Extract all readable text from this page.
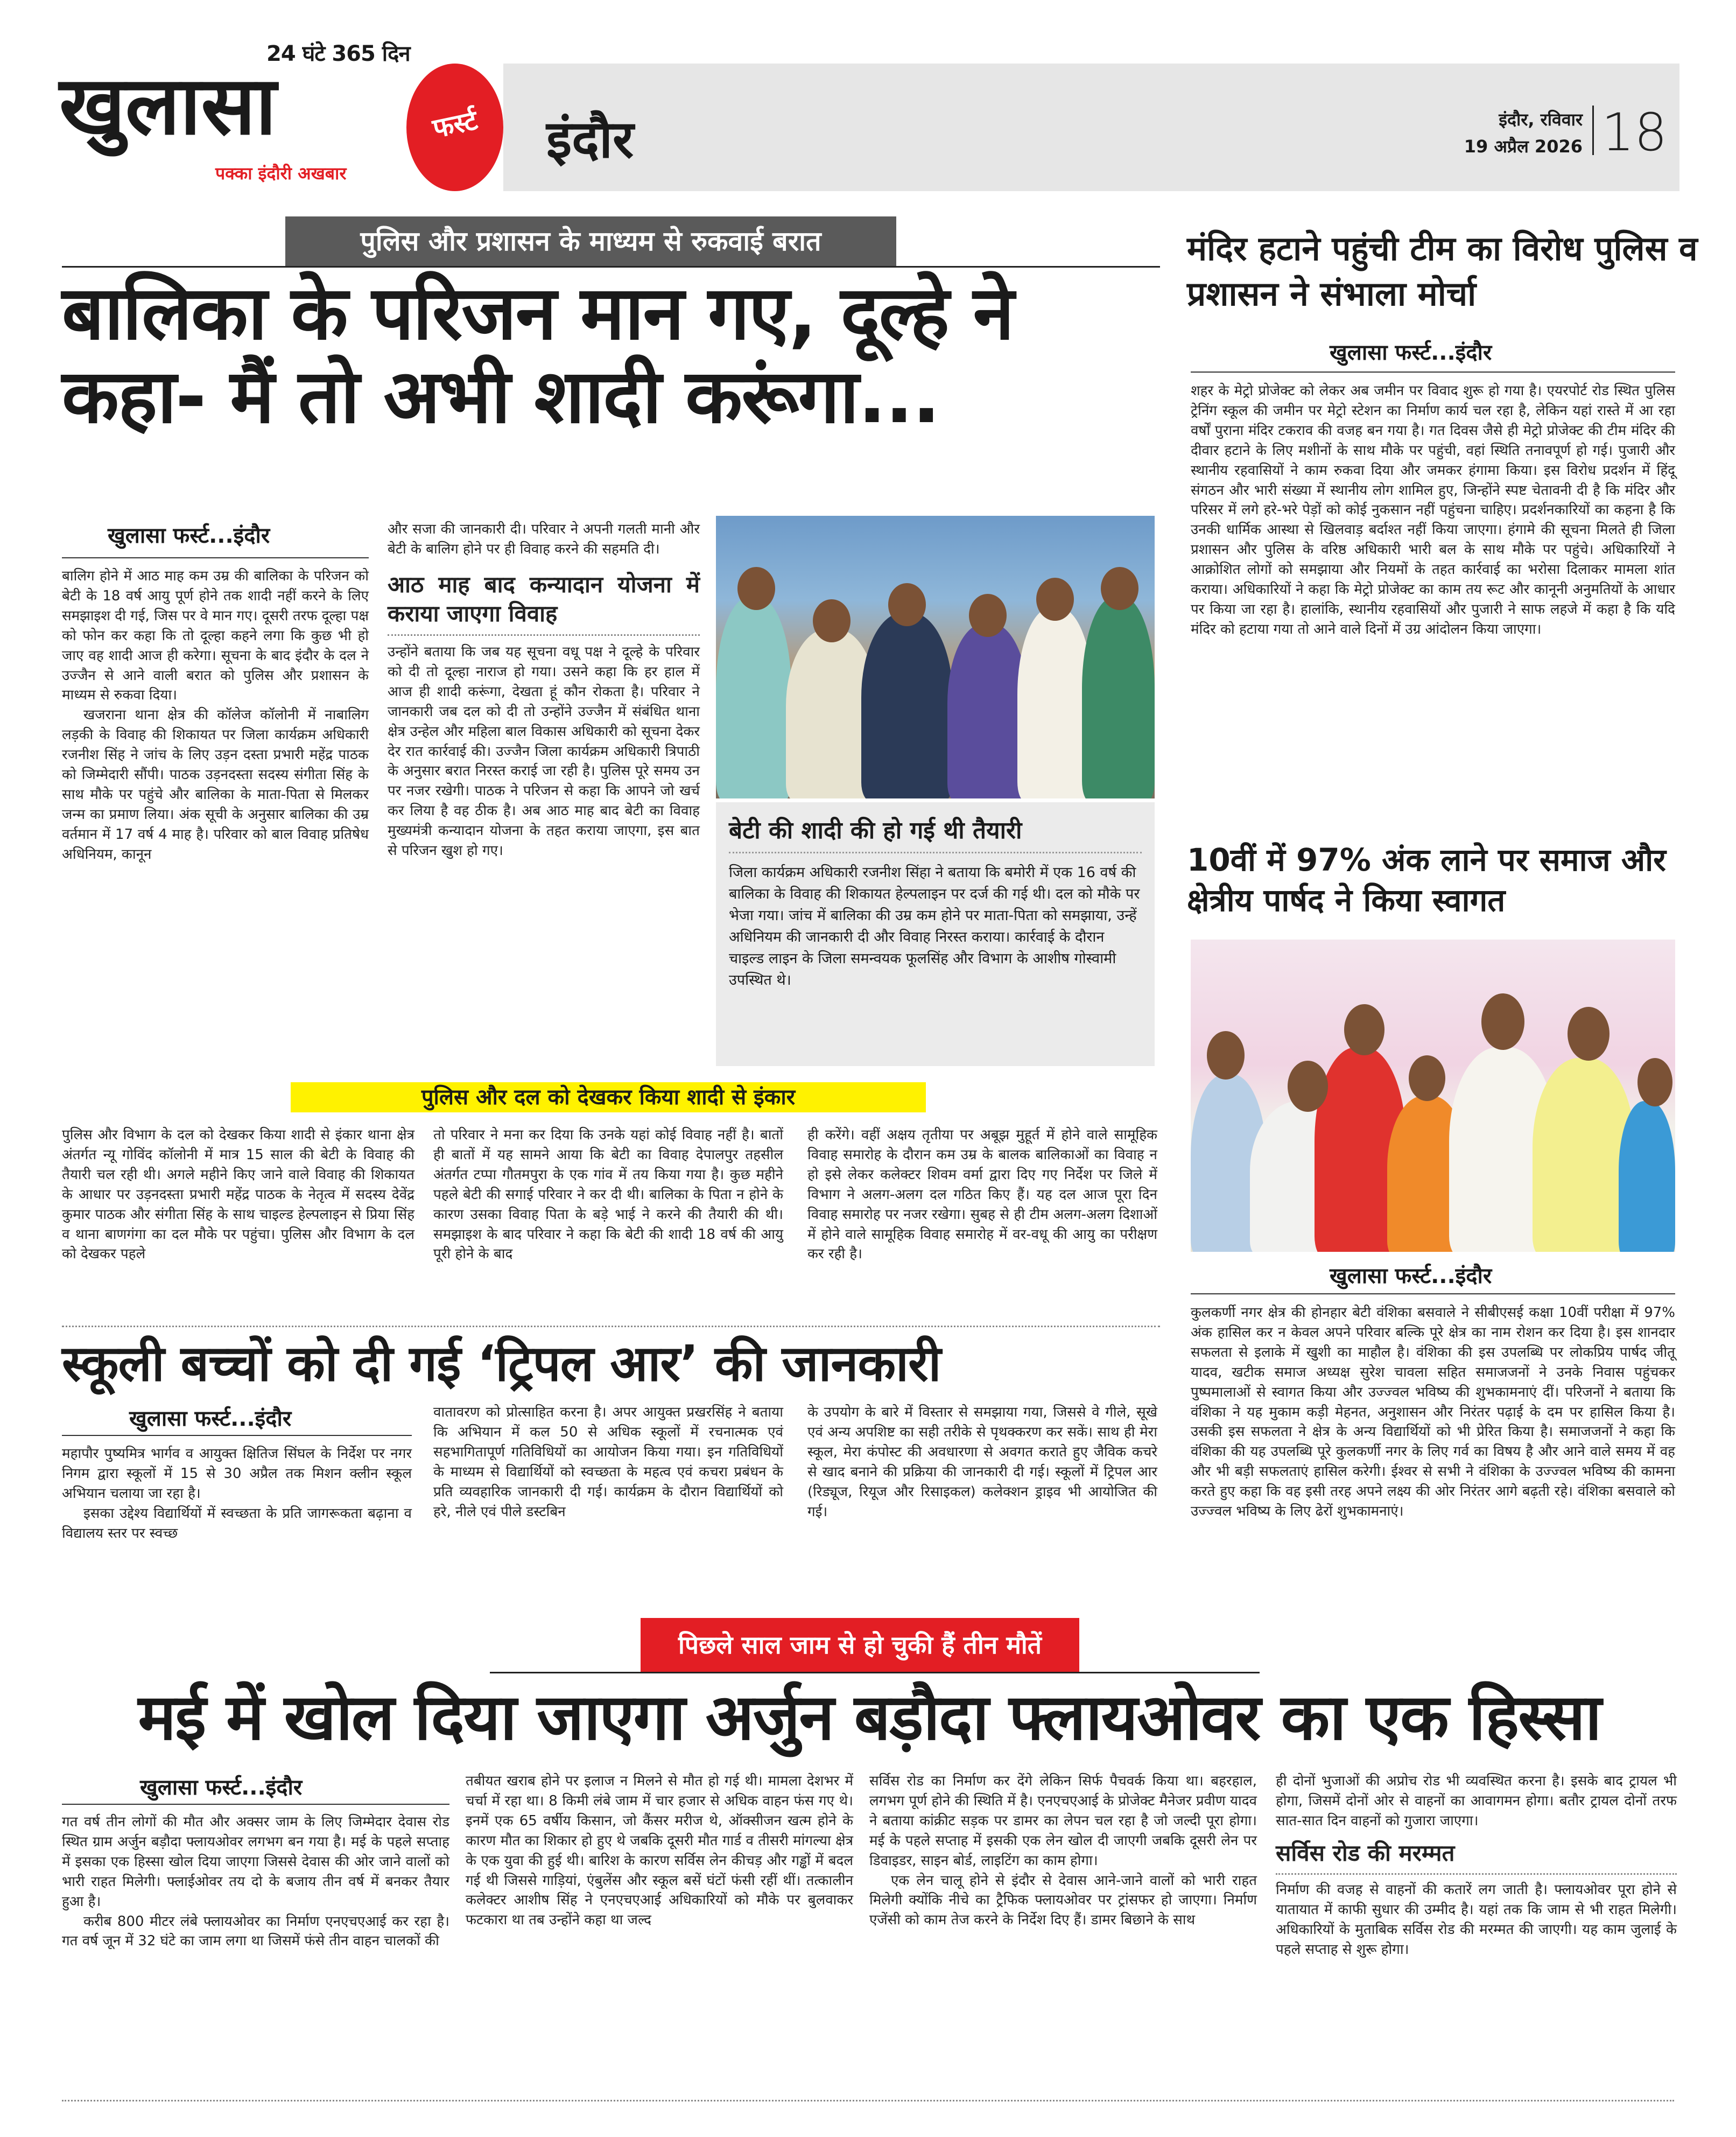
24 घंटे 365 दिन
खुलासा
पक्का इंदौरी अखबार
फर्स्ट	इंदौर	इंदौर, रविवार
19 अप्रैल 2026 18
पुलिस और प्रशासन के माध्यम से रुकवाई बरात
बालिका के परिजन मान गए, दूल्हे ने कहा- मैं तो अभी शादी करूंगा...
खुलासा फर्स्ट...इंदौर

बालिग होने में आठ माह कम उम्र की बालिका के परिजन को बेटी के 18 वर्ष आयु पूर्ण होने तक शादी नहीं करने के लिए समझाइश दी गई, जिस पर वे मान गए। दूसरी तरफ दूल्हा पक्ष को फोन कर कहा कि तो दूल्हा कहने लगा कि कुछ भी हो जाए वह शादी आज ही करेगा। सूचना के बाद इंदौर के दल ने उज्जैन से आने वाली बरात को पुलिस और प्रशासन के माध्यम से रुकवा दिया।

खजराना थाना क्षेत्र की कॉलेज कॉलोनी में नाबालिग लड़की के विवाह की शिकायत पर जिला कार्यक्रम अधिकारी रजनीश सिंह ने जांच के लिए उड़न दस्ता प्रभारी महेंद्र पाठक को जिम्मेदारी सौंपी। पाठक उड़नदस्ता सदस्य संगीता सिंह के साथ मौके पर पहुंचे और बालिका के माता-पिता से मिलकर जन्म का प्रमाण लिया। अंक सूची के अनुसार बालिका की उम्र वर्तमान में 17 वर्ष 4 माह है। परिवार को बाल विवाह प्रतिषेध अधिनियम, कानून

और सजा की जानकारी दी। परिवार ने अपनी गलती मानी और बेटी के बालिग होने पर ही विवाह करने की सहमति दी।

आठ माह बाद कन्यादान योजना में कराया जाएगा विवाह

उन्होंने बताया कि जब यह सूचना वधू पक्ष ने दूल्हे के परिवार को दी तो दूल्हा नाराज हो गया। उसने कहा कि हर हाल में आज ही शादी करूंगा, देखता हूं कौन रोकता है। परिवार ने जानकारी जब दल को दी तो उन्होंने उज्जैन में संबंधित थाना क्षेत्र उन्हेल और महिला बाल विकास अधिकारी को सूचना देकर देर रात कार्रवाई की। उज्जैन जिला कार्यक्रम अधिकारी त्रिपाठी के अनुसार बरात निरस्त कराई जा रही है। पुलिस पूरे समय उन पर नजर रखेगी। पाठक ने परिजन से कहा कि आपने जो खर्च कर लिया है वह ठीक है। अब आठ माह बाद बेटी का विवाह मुख्यमंत्री कन्यादान योजना के तहत कराया जाएगा, इस बात से परिजन खुश हो गए।

बेटी की शादी की हो गई थी तैयारी
जिला कार्यक्रम अधिकारी रजनीश सिंहा ने बताया कि बमोरी में एक 16 वर्ष की बालिका के विवाह की शिकायत हेल्पलाइन पर दर्ज की गई थी। दल को मौके पर भेजा गया। जांच में बालिका की उम्र कम होने पर माता-पिता को समझाया, उन्हें अधिनियम की जानकारी दी और विवाह निरस्त कराया। कार्रवाई के दौरान चाइल्ड लाइन के जिला समन्वयक फूलसिंह और विभाग के आशीष गोस्वामी उपस्थित थे।
पुलिस और दल को देखकर किया शादी से इंकार

पुलिस और विभाग के दल को देखकर किया शादी से इंकार थाना क्षेत्र अंतर्गत न्यू गोविंद कॉलोनी में मात्र 15 साल की बेटी के विवाह की तैयारी चल रही थी। अगले महीने किए जाने वाले विवाह की शिकायत के आधार पर उड़नदस्ता प्रभारी महेंद्र पाठक के नेतृत्व में सदस्य देवेंद्र कुमार पाठक और संगीता सिंह के साथ चाइल्ड हेल्पलाइन से प्रिया सिंह व थाना बाणगंगा का दल मौके पर पहुंचा। पुलिस और विभाग के दल को देखकर पहले

तो परिवार ने मना कर दिया कि उनके यहां कोई विवाह नहीं है। बातों ही बातों में यह सामने आया कि बेटी का विवाह देपालपुर तहसील अंतर्गत टप्पा गौतमपुरा के एक गांव में तय किया गया है। कुछ महीने पहले बेटी की सगाई परिवार ने कर दी थी। बालिका के पिता न होने के कारण उसका विवाह पिता के बड़े भाई ने करने की तैयारी की थी। समझाइश के बाद परिवार ने कहा कि बेटी की शादी 18 वर्ष की आयु पूरी होने के बाद

ही करेंगे। वहीं अक्षय तृतीया पर अबूझ मुहूर्त में होने वाले सामूहिक विवाह समारोह के दौरान कम उम्र के बालक बालिकाओं का विवाह न हो इसे लेकर कलेक्टर शिवम वर्मा द्वारा दिए गए निर्देश पर जिले में विभाग ने अलग-अलग दल गठित किए हैं। यह दल आज पूरा दिन विवाह समारोह पर नजर रखेगा। सुबह से ही टीम अलग-अलग दिशाओं में होने वाले सामूहिक विवाह समारोह में वर-वधू की आयु का परीक्षण कर रही है।

स्कूली बच्चों को दी गई ‘ट्रिपल आर’ की जानकारी
खुलासा फर्स्ट...इंदौर

महापौर पुष्यमित्र भार्गव व आयुक्त क्षितिज सिंघल के निर्देश पर नगर निगम द्वारा स्कूलों में 15 से 30 अप्रैल तक मिशन क्लीन स्कूल अभियान चलाया जा रहा है।

इसका उद्देश्य विद्यार्थियों में स्वच्छता के प्रति जागरूकता बढ़ाना व विद्यालय स्तर पर स्वच्छ

वातावरण को प्रोत्साहित करना है। अपर आयुक्त प्रखरसिंह ने बताया कि अभियान में कल 50 से अधिक स्कूलों में रचनात्मक एवं सहभागितापूर्ण गतिविधियों का आयोजन किया गया। इन गतिविधियों के माध्यम से विद्यार्थियों को स्वच्छता के महत्व एवं कचरा प्रबंधन के प्रति व्यवहारिक जानकारी दी गई। कार्यक्रम के दौरान विद्यार्थियों को हरे, नीले एवं पीले डस्टबिन

के उपयोग के बारे में विस्तार से समझाया गया, जिससे वे गीले, सूखे एवं अन्य अपशिष्ट का सही तरीके से पृथक्करण कर सकें। साथ ही मेरा स्कूल, मेरा कंपोस्ट की अवधारणा से अवगत कराते हुए जैविक कचरे से खाद बनाने की प्रक्रिया की जानकारी दी गई। स्कूलों में ट्रिपल आर (रिड्यूज, रियूज और रिसाइकल) कलेक्शन ड्राइव भी आयोजित की गई।

मंदिर हटाने पहुंची टीम का विरोध पुलिस व प्रशासन ने संभाला मोर्चा
खुलासा फर्स्ट...इंदौर

शहर के मेट्रो प्रोजेक्ट को लेकर अब जमीन पर विवाद शुरू हो गया है। एयरपोर्ट रोड स्थित पुलिस ट्रेनिंग स्कूल की जमीन पर मेट्रो स्टेशन का निर्माण कार्य चल रहा है, लेकिन यहां रास्ते में आ रहा वर्षों पुराना मंदिर टकराव की वजह बन गया है। गत दिवस जैसे ही मेट्रो प्रोजेक्ट की टीम मंदिर की दीवार हटाने के लिए मशीनों के साथ मौके पर पहुंची, वहां स्थिति तनावपूर्ण हो गई। पुजारी और स्थानीय रहवासियों ने काम रुकवा दिया और जमकर हंगामा किया। इस विरोध प्रदर्शन में हिंदू संगठन और भारी संख्या में स्थानीय लोग शामिल हुए, जिन्होंने स्पष्ट चेतावनी दी है कि मंदिर और परिसर में लगे हरे-भरे पेड़ों को कोई नुकसान नहीं पहुंचना चाहिए। प्रदर्शनकारियों का कहना है कि उनकी धार्मिक आस्था से खिलवाड़ बर्दाश्त नहीं किया जाएगा। हंगामे की सूचना मिलते ही जिला प्रशासन और पुलिस के वरिष्ठ अधिकारी भारी बल के साथ मौके पर पहुंचे। अधिकारियों ने आक्रोशित लोगों को समझाया और नियमों के तहत कार्रवाई का भरोसा दिलाकर मामला शांत कराया। अधिकारियों ने कहा कि मेट्रो प्रोजेक्ट का काम तय रूट और कानूनी अनुमतियों के आधार पर किया जा रहा है। हालांकि, स्थानीय रहवासियों और पुजारी ने साफ लहजे में कहा है कि यदि मंदिर को हटाया गया तो आने वाले दिनों में उग्र आंदोलन किया जाएगा।

10वीं में 97% अंक लाने पर समाज और क्षेत्रीय पार्षद ने किया स्वागत
खुलासा फर्स्ट...इंदौर

कुलकर्णी नगर क्षेत्र की होनहार बेटी वंशिका बसवाले ने सीबीएसई कक्षा 10वीं परीक्षा में 97% अंक हासिल कर न केवल अपने परिवार बल्कि पूरे क्षेत्र का नाम रोशन कर दिया है। इस शानदार सफलता से इलाके में खुशी का माहौल है। वंशिका की इस उपलब्धि पर लोकप्रिय पार्षद जीतू यादव, खटीक समाज अध्यक्ष सुरेश चावला सहित समाजजनों ने उनके निवास पहुंचकर पुष्पमालाओं से स्वागत किया और उज्ज्वल भविष्य की शुभकामनाएं दीं। परिजनों ने बताया कि वंशिका ने यह मुकाम कड़ी मेहनत, अनुशासन और निरंतर पढ़ाई के दम पर हासिल किया है। उसकी इस सफलता ने क्षेत्र के अन्य विद्यार्थियों को भी प्रेरित किया है। समाजजनों ने कहा कि वंशिका की यह उपलब्धि पूरे कुलकर्णी नगर के लिए गर्व का विषय है और आने वाले समय में वह और भी बड़ी सफलताएं हासिल करेगी। ईश्वर से सभी ने वंशिका के उज्ज्वल भविष्य की कामना करते हुए कहा कि वह इसी तरह अपने लक्ष्य की ओर निरंतर आगे बढ़ती रहे। वंशिका बसवाले को उज्ज्वल भविष्य के लिए ढेरों शुभकामनाएं।

पिछले साल जाम से हो चुकी हैं तीन मौतें
मई में खोल दिया जाएगा अर्जुन बड़ौदा फ्लायओवर का एक हिस्सा
खुलासा फर्स्ट...इंदौर

गत वर्ष तीन लोगों की मौत और अक्सर जाम के लिए जिम्मेदार देवास रोड स्थित ग्राम अर्जुन बड़ौदा फ्लायओवर लगभग बन गया है। मई के पहले सप्ताह में इसका एक हिस्सा खोल दिया जाएगा जिससे देवास की ओर जाने वालों को भारी राहत मिलेगी। फ्लाईओवर तय दो के बजाय तीन वर्ष में बनकर तैयार हुआ है।

करीब 800 मीटर लंबे फ्लायओवर का निर्माण एनएचएआई कर रहा है। गत वर्ष जून में 32 घंटे का जाम लगा था जिसमें फंसे तीन वाहन चालकों की

तबीयत खराब होने पर इलाज न मिलने से मौत हो गई थी। मामला देशभर में चर्चा में रहा था। 8 किमी लंबे जाम में चार हजार से अधिक वाहन फंस गए थे। इनमें एक 65 वर्षीय किसान, जो कैंसर मरीज थे, ऑक्सीजन खत्म होने के कारण मौत का शिकार हो हुए थे जबकि दूसरी मौत गार्ड व तीसरी मांगल्या क्षेत्र के एक युवा की हुई थी। बारिश के कारण सर्विस लेन कीचड़ और गड्ढों में बदल गई थी जिससे गाड़ियां, एंबुलेंस और स्कूल बसें घंटों फंसी रहीं थीं। तत्कालीन कलेक्टर आशीष सिंह ने एनएचएआई अधिकारियों को मौके पर बुलवाकर फटकारा था तब उन्होंने कहा था जल्द

सर्विस रोड का निर्माण कर देंगे लेकिन सिर्फ पैचवर्क किया था। बहरहाल, लगभग पूर्ण होने की स्थिति में है। एनएचएआई के प्रोजेक्ट मैनेजर प्रवीण यादव ने बताया कांक्रीट सड़क पर डामर का लेपन चल रहा है जो जल्दी पूरा होगा। मई के पहले सप्ताह में इसकी एक लेन खोल दी जाएगी जबकि दूसरी लेन पर डिवाइडर, साइन बोर्ड, लाइटिंग का काम होगा।

एक लेन चालू होने से इंदौर से देवास आने-जाने वालों को भारी राहत मिलेगी क्योंकि नीचे का ट्रैफिक फ्लायओवर पर ट्रांसफर हो जाएगा। निर्माण एजेंसी को काम तेज करने के निर्देश दिए हैं। डामर बिछाने के साथ

ही दोनों भुजाओं की अप्रोच रोड भी व्यवस्थित करना है। इसके बाद ट्रायल भी होगा, जिसमें दोनों ओर से वाहनों का आवागमन होगा। बतौर ट्रायल दोनों तरफ सात-सात दिन वाहनों को गुजारा जाएगा।

सर्विस रोड की मरम्मत

निर्माण की वजह से वाहनों की कतारें लग जाती है। फ्लायओवर पूरा होने से यातायात में काफी सुधार की उम्मीद है। यहां तक कि जाम से भी राहत मिलेगी। अधिकारियों के मुताबिक सर्विस रोड की मरम्मत की जाएगी। यह काम जुलाई के पहले सप्ताह से शुरू होगा।
